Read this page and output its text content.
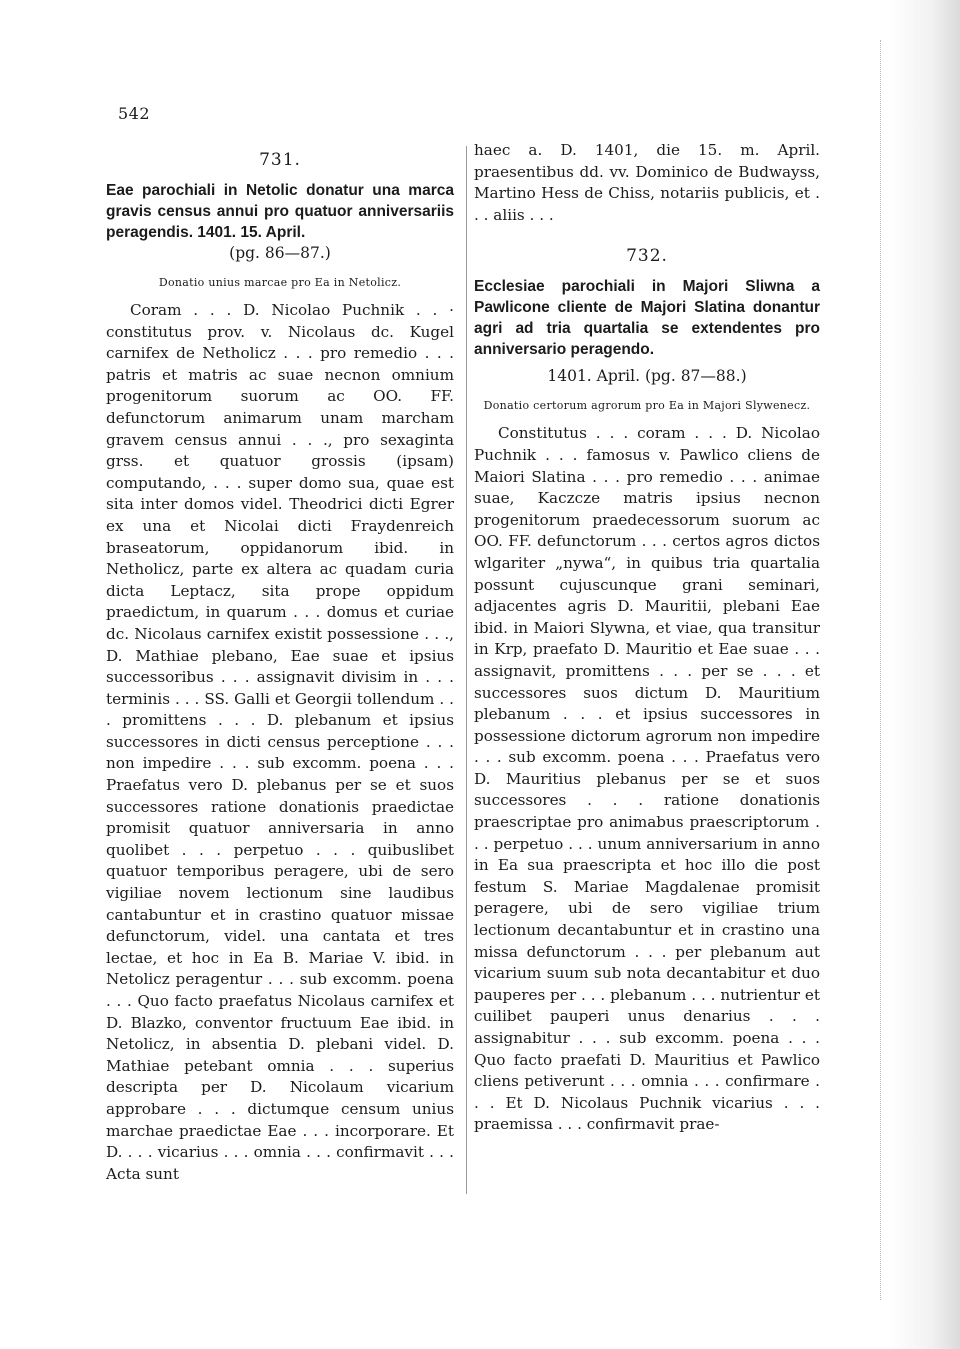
542
731.

Eae parochiali in Netolic donatur una marca gravis census annui pro quatuor anniversariis peragendis. 1401. 15. April.

(pg. 86—87.)
Donatio unius marcae pro Ea in Netolicz.

Coram . . . D. Nicolao Puchnik . . · constitutus prov. v. Nicolaus dc. Kugel carnifex de Netholicz . . . pro remedio . . . patris et matris ac suae necnon omnium progenitorum suorum ac OO. FF. defunctorum animarum unam marcham gravem census annui . . ., pro sexaginta grss. et quatuor grossis (ipsam) computando, . . . super domo sua, quae est sita inter domos videl. Theodrici dicti Egrer ex una et Nicolai dicti Fraydenreich braseatorum, oppidanorum ibid. in Netholicz, parte ex altera ac quadam curia dicta Leptacz, sita prope oppidum praedictum, in quarum . . . domus et curiae dc. Nicolaus carnifex existit possessione . . ., D. Mathiae plebano, Eae suae et ipsius successoribus . . . assignavit divisim in . . . terminis . . . SS. Galli et Georgii tollendum . . . promittens . . . D. plebanum et ipsius successores in dicti census perceptione . . . non impedire . . . sub excomm. poena . . . Praefatus vero D. plebanus per se et suos successores ratione donationis praedictae promisit quatuor anniversaria in anno quolibet . . . perpetuo . . . quibuslibet quatuor temporibus peragere, ubi de sero vigiliae novem lectionum sine laudibus cantabuntur et in crastino quatuor missae defunctorum, videl. una cantata et tres lectae, et hoc in Ea B. Mariae V. ibid. in Netolicz peragentur . . . sub excomm. poena . . . Quo facto praefatus Nicolaus carnifex et D. Blazko, conventor fructuum Eae ibid. in Netolicz, in absentia D. plebani videl. D. Mathiae petebant omnia . . . superius descripta per D. Nicolaum vicarium approbare . . . dictumque censum unius marchae praedictae Eae . . . incorporare. Et D. . . . vicarius . . . omnia . . . confirmavit . . . Acta sunt

haec a. D. 1401, die 15. m. April. praesentibus dd. vv. Dominico de Budwayss, Martino Hess de Chiss, notariis publicis, et . . . aliis . . .

732.

Ecclesiae parochiali in Majori Sliwna a Pawlicone cliente de Majori Slatina donantur agri ad tria quartalia se extendentes pro anniversario peragendo.

1401. April. (pg. 87—88.)
Donatio certorum agrorum pro Ea in Majori Slywenecz.

Constitutus . . . coram . . . D. Nicolao Puchnik . . . famosus v. Pawlico cliens de Maiori Slatina . . . pro remedio . . . animae suae, Kaczcze matris ipsius necnon progenitorum praedecessorum suorum ac OO. FF. defunctorum . . . certos agros dictos wlgariter „nywa“, in quibus tria quartalia possunt cujuscunque grani seminari, adjacentes agris D. Mauritii, plebani Eae ibid. in Maiori Slywna, et viae, qua transitur in Krp, praefato D. Mauritio et Eae suae . . . assignavit, promittens . . . per se . . . et successores suos dictum D. Mauritium plebanum . . . et ipsius successores in possessione dictorum agrorum non impedire . . . sub excomm. poena . . . Praefatus vero D. Mauritius plebanus per se et suos successores . . . ratione donationis praescriptae pro animabus praescriptorum . . . perpetuo . . . unum anniversarium in anno in Ea sua praescripta et hoc illo die post festum S. Mariae Magdalenae promisit peragere, ubi de sero vigiliae trium lectionum decantabuntur et in crastino una missa defunctorum . . . per plebanum aut vicarium suum sub nota decantabitur et duo pauperes per . . . plebanum . . . nutrientur et cuilibet pauperi unus denarius . . . assignabitur . . . sub excomm. poena . . . Quo facto praefati D. Mauritius et Pawlico cliens petiverunt . . . omnia . . . confirmare . . . Et D. Nicolaus Puchnik vicarius . . . praemissa . . . confirmavit prae-
